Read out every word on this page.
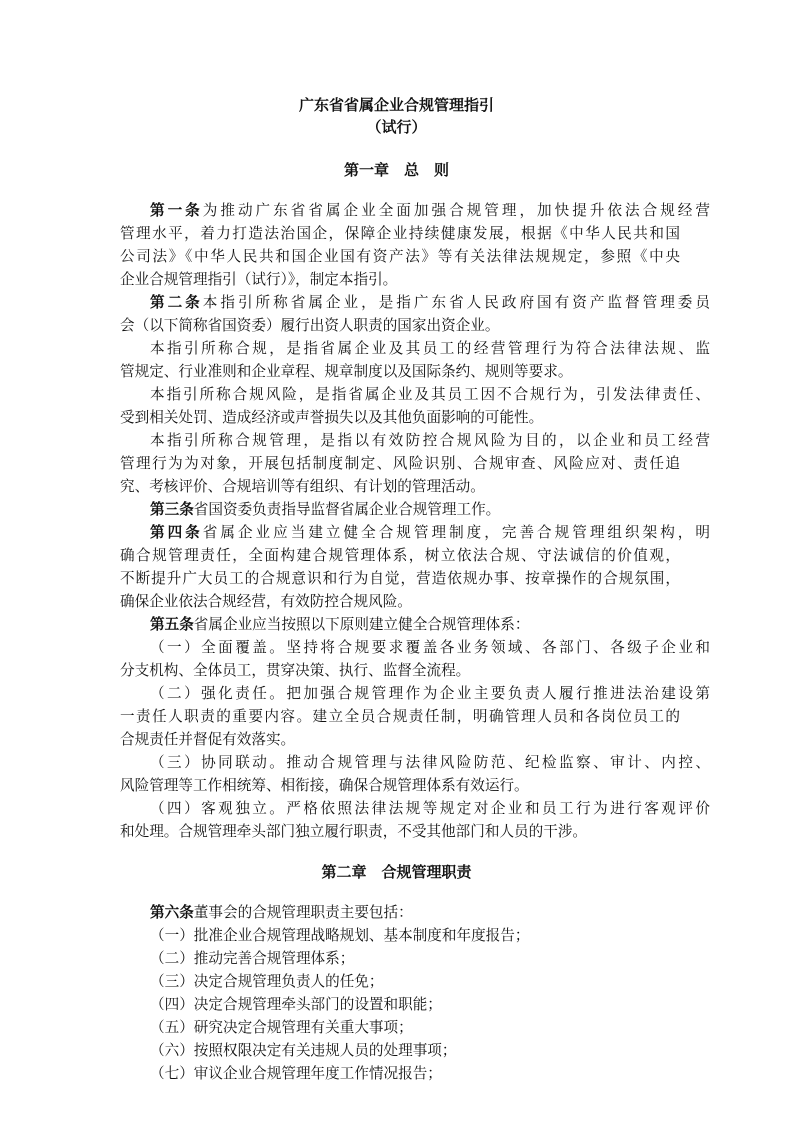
广东省省属企业合规管理指引
（试行）
第一章　总　则
第一条为推动广东省省属企业全面加强合规管理，加快提升依法合规经营
管理水平，着力打造法治国企，保障企业持续健康发展，根据《中华人民共和国
公司法》《中华人民共和国企业国有资产法》等有关法律法规规定，参照《中央
企业合规管理指引（试行）》，制定本指引。
第二条本指引所称省属企业，是指广东省人民政府国有资产监督管理委员
会（以下简称省国资委）履行出资人职责的国家出资企业。
本指引所称合规，是指省属企业及其员工的经营管理行为符合法律法规、监
管规定、行业准则和企业章程、规章制度以及国际条约、规则等要求。
本指引所称合规风险，是指省属企业及其员工因不合规行为，引发法律责任、
受到相关处罚、造成经济或声誉损失以及其他负面影响的可能性。
本指引所称合规管理，是指以有效防控合规风险为目的，以企业和员工经营
管理行为为对象，开展包括制度制定、风险识别、合规审查、风险应对、责任追
究、考核评价、合规培训等有组织、有计划的管理活动。
第三条省国资委负责指导监督省属企业合规管理工作。
第四条省属企业应当建立健全合规管理制度，完善合规管理组织架构，明
确合规管理责任，全面构建合规管理体系，树立依法合规、守法诚信的价值观，
不断提升广大员工的合规意识和行为自觉，营造依规办事、按章操作的合规氛围，
确保企业依法合规经营，有效防控合规风险。
第五条省属企业应当按照以下原则建立健全合规管理体系：
（一）全面覆盖。坚持将合规要求覆盖各业务领域、各部门、各级子企业和
分支机构、全体员工，贯穿决策、执行、监督全流程。
（二）强化责任。把加强合规管理作为企业主要负责人履行推进法治建设第
一责任人职责的重要内容。建立全员合规责任制，明确管理人员和各岗位员工的
合规责任并督促有效落实。
（三）协同联动。推动合规管理与法律风险防范、纪检监察、审计、内控、
风险管理等工作相统筹、相衔接，确保合规管理体系有效运行。
（四）客观独立。严格依照法律法规等规定对企业和员工行为进行客观评价
和处理。合规管理牵头部门独立履行职责，不受其他部门和人员的干涉。
第二章　合规管理职责
第六条董事会的合规管理职责主要包括：
（一）批准企业合规管理战略规划、基本制度和年度报告；
（二）推动完善合规管理体系；
（三）决定合规管理负责人的任免；
（四）决定合规管理牵头部门的设置和职能；
（五）研究决定合规管理有关重大事项；
（六）按照权限决定有关违规人员的处理事项；
（七）审议企业合规管理年度工作情况报告；
